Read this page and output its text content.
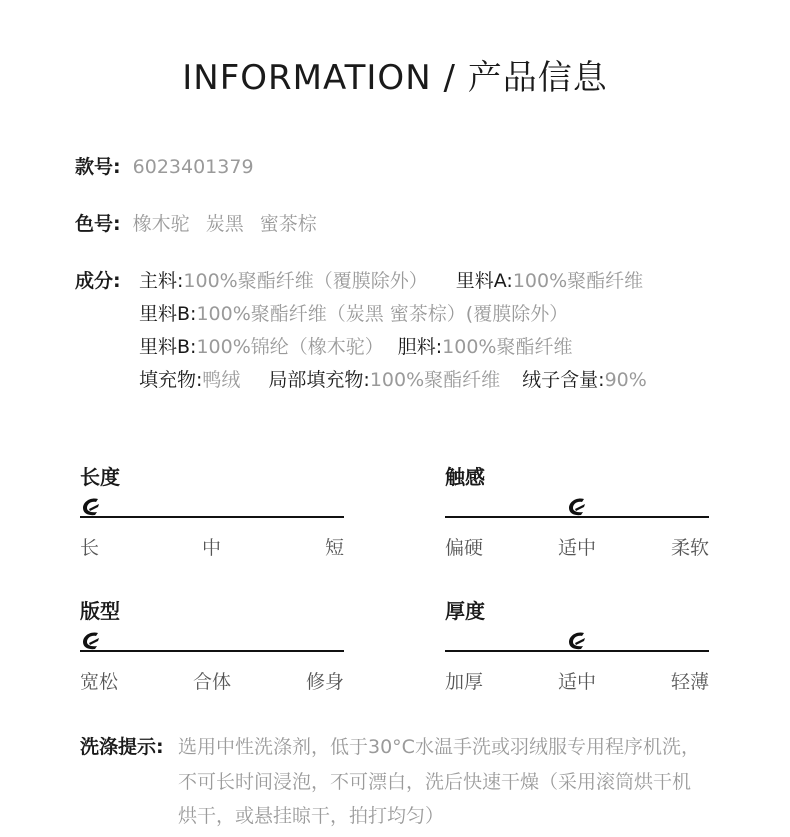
INFORMATION / 产品信息
款号: 6023401379
色号: 橡木驼 炭黑 蜜茶棕
成分: 主料:100%聚酯纤维（覆膜除外） 里料A:100%聚酯纤维
里料B:100%聚酯纤维（炭黑 蜜茶棕）(覆膜除外）
里料B:100%锦纶（橡木驼） 胆料:100%聚酯纤维
填充物:鸭绒 局部填充物:100%聚酯纤维 绒子含量:90%
长度
长	中	短
触感
偏硬	适中	柔软
版型
宽松	合体	修身
厚度
加厚	适中	轻薄
洗涤提示: 选用中性洗涤剂，低于30°C水温手洗或羽绒服专用程序机洗，
不可长时间浸泡，不可漂白，洗后快速干燥（采用滚筒烘干机
烘干，或悬挂晾干，拍打均匀）
